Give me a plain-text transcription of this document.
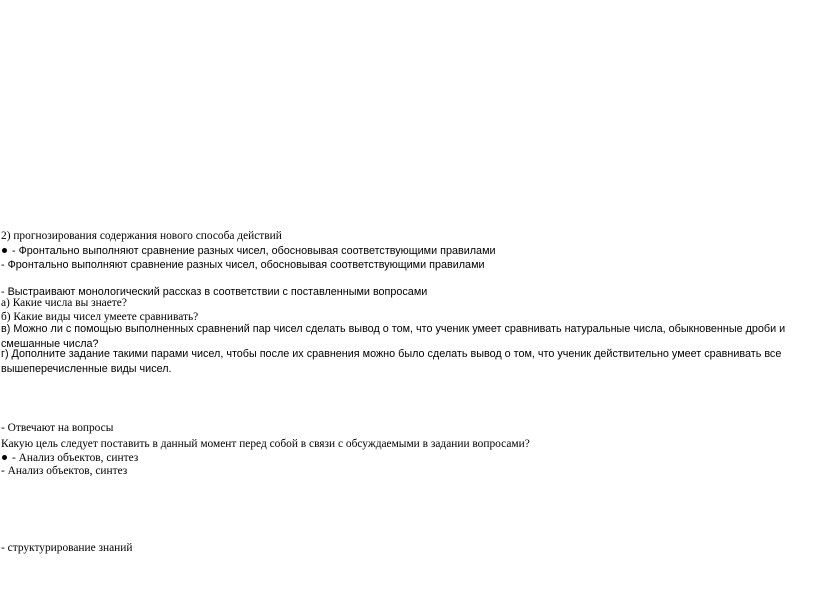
2) прогнозирования содержания нового способа действий
- Фронтально выполняют сравнение разных чисел, обосновывая соответствующими правилами
- Фронтально выполняют сравнение разных чисел, обосновывая соответствующими правилами
- Выстраивают монологический рассказ в соответствии с поставленными вопросами
а) Какие числа вы знаете?
б) Какие виды чисел умеете сравнивать?
в) Можно ли с помощью выполненных сравнений пар чисел сделать вывод о том, что ученик умеет сравнивать натуральные числа, обыкновенные дроби и смешанные числа?
г) Дополните задание такими парами чисел, чтобы после их сравнения можно было сделать вывод о том, что ученик действительно умеет сравнивать все вышеперечисленные виды чисел.
- Отвечают на вопросы
Какую цель следует поставить в данный момент перед собой в связи с обсуждаемыми в задании вопросами?
- Анализ объектов, синтез
- Анализ объектов, синтез
- структурирование знаний
